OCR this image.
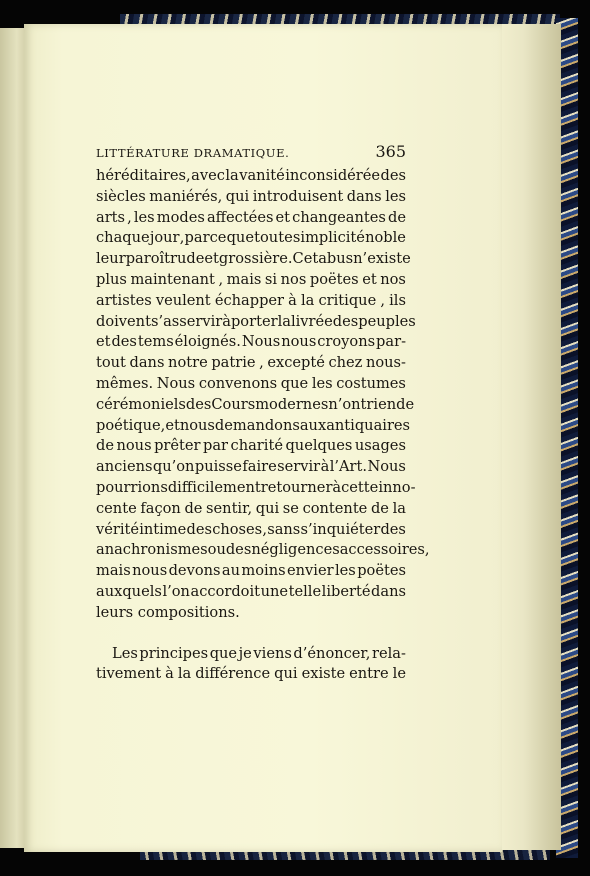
LITTÉRATURE DRAMATIQUE.	365
héréditaires, avec la vanité inconsidérée des
siècles maniérés, qui introduisent dans les
arts , les modes affectées et changeantes de
chaque jour , parce que toute simplicité noble
leur paroît rude et grossière. Cet abus n’existe
plus maintenant , mais si nos poëtes et nos
artistes veulent échapper à la critique , ils
doivent s’asservir à porter la livrée des peuples
et des tems éloignés. Nous nous croyons par-
tout dans notre patrie , excepté chez nous-
mêmes. Nous convenons que les costumes
cérémoniels des Cours modernes n’ont rien de
poétique, et nous demandons aux antiquaires
de nous prêter par charité quelques usages
anciens qu’on puisse faire servir à l’Art. Nous
pourrions difficilement retourner à cette inno-
cente façon de sentir, qui se contente de la
vérité intime des choses , sans s’inquiéter des
anachronismes ou des négligences accessoires,
mais nous devons au moins envier les poëtes
auxquels l’on accordoit une telle liberté dans
leurs compositions.
Les principes que je viens d’énoncer, rela-
tivement à la différence qui existe entre le
